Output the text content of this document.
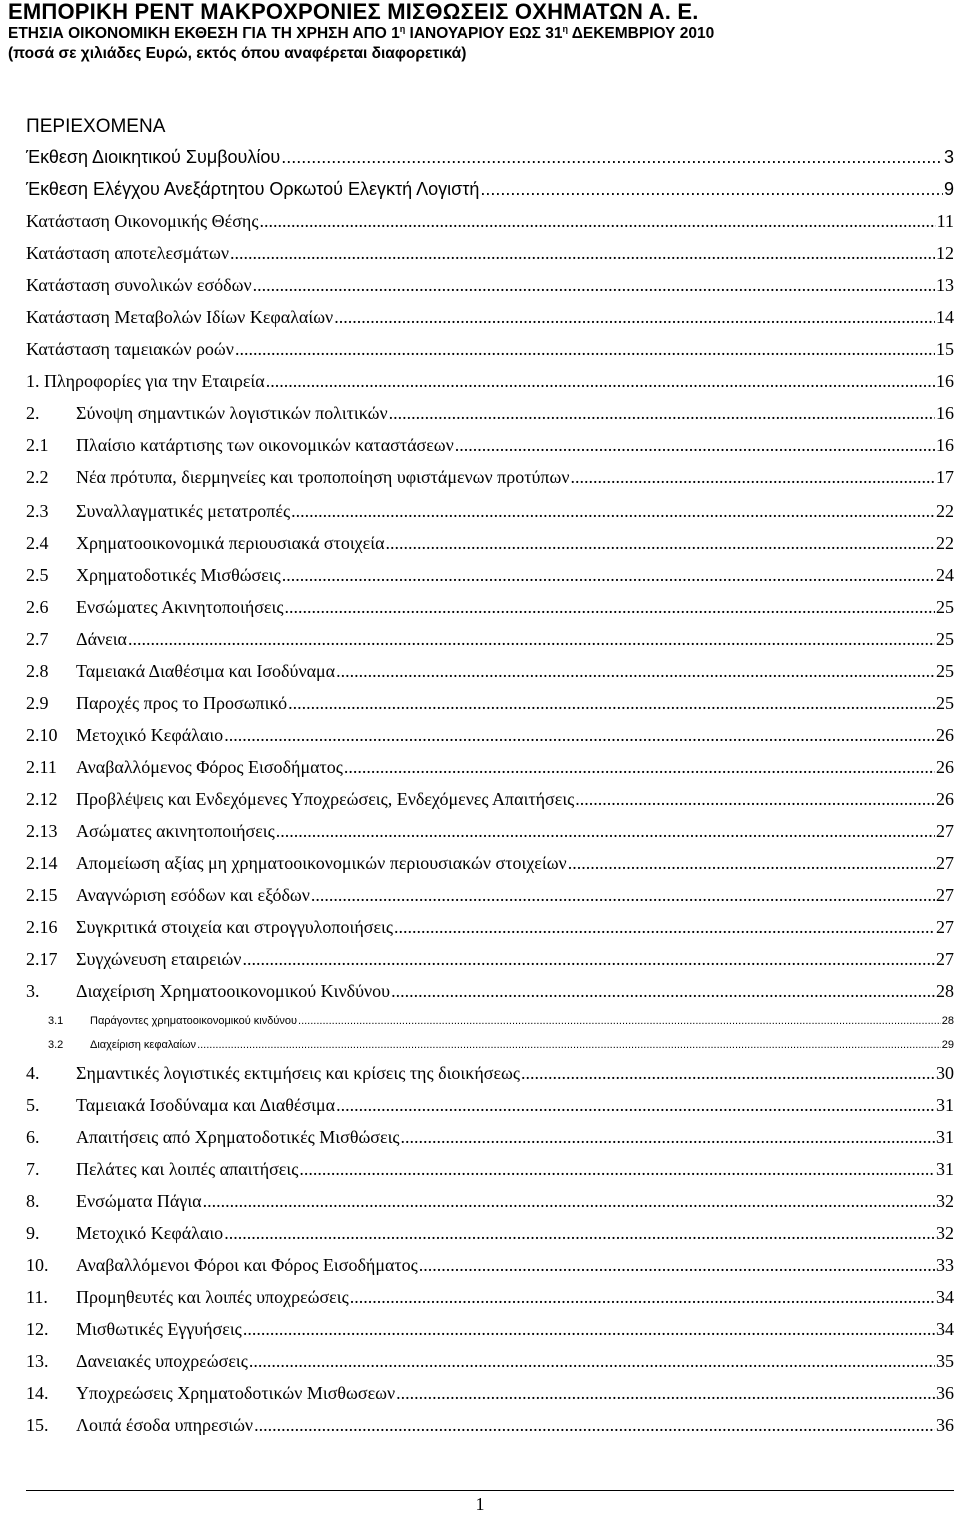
ΕΜΠΟΡΙΚΗ ΡΕΝΤ ΜΑΚΡΟΧΡΟΝΙΕΣ ΜΙΣΘΩΣΕΙΣ ΟΧΗΜΑΤΩΝ Α. Ε.
ΕΤΗΣΙΑ ΟΙΚΟΝΟΜΙΚΗ ΕΚΘΕΣΗ ΓΙΑ ΤΗ ΧΡΗΣΗ ΑΠΟ $1^\eta$ ΙΑΝΟΥΑΡΙΟΥ ΕΩΣ $31^\eta$ ΔΕΚΕΜΒΡΙΟΥ 2010
(ποσά σε χιλιάδες Ευρώ, εκτός όπου αναφέρεται διαφορετικά)
ΠΕΡΙΕΧΟΜΕΝΑ
Έκθεση Διοικητικού Συμβουλίου .....	3
Έκθεση Ελέγχου Ανεξάρτητου Ορκωτού Ελεγκτή Λογιστή .....	9
Κατάσταση Οικονομικής Θέσης .....	11
Κατάσταση αποτελεσμάτων .....	12
Κατάσταση συνολικών εσόδων .....	13
Κατάσταση Μεταβολών Ιδίων Κεφαλαίων .....	14
Κατάσταση ταμειακών ροών .....	15
1. Πληροφορίες για την Εταιρεία .....	16
2.	Σύνοψη σημαντικών λογιστικών πολιτικών .....	16
2.1	Πλαίσιο κατάρτισης των οικονομικών καταστάσεων .....	16
2.2	Νέα πρότυπα, διερμηνείες και τροποποίηση υφιστάμενων προτύπων .....	17
2.3	Συναλλαγματικές μετατροπές .....	22
2.4	Χρηματοοικονομικά περιουσιακά στοιχεία .....	22
2.5	Χρηματοδοτικές Μισθώσεις .....	24
2.6	Ενσώματες Ακινητοποιήσεις .....	25
2.7	Δάνεια .....	25
2.8	Ταμειακά Διαθέσιμα και Ισοδύναμα .....	25
2.9	Παροχές προς το Προσωπικό .....	25
2.10	Μετοχικό Κεφάλαιο .....	26
2.11	Αναβαλλόμενος Φόρος Εισοδήματος .....	26
2.12	Προβλέψεις και Ενδεχόμενες Υποχρεώσεις, Ενδεχόμενες Απαιτήσεις .....	26
2.13	Ασώματες ακινητοποιήσεις .....	27
2.14	Απομείωση αξίας μη χρηματοοικονομικών περιουσιακών στοιχείων .....	27
2.15	Αναγνώριση εσόδων και εξόδων .....	27
2.16	Συγκριτικά στοιχεία και στρογγυλοποιήσεις .....	27
2.17	Συγχώνευση εταιρειών .....	27
3.	Διαχείριση Χρηματοοικονομικού Κινδύνου .....	28
3.1	Παράγοντες χρηματοοικονομικού κινδύνου .....	28
3.2	Διαχείριση κεφαλαίων .....	29
4.	Σημαντικές λογιστικές εκτιμήσεις και κρίσεις της διοικήσεως .....	30
5.	Ταμειακά Ισοδύναμα και Διαθέσιμα .....	31
6.	Απαιτήσεις από Χρηματοδοτικές Μισθώσεις .....	31
7.	Πελάτες και λοιπές απαιτήσεις .....	31
8.	Ενσώματα Πάγια .....	32
9.	Μετοχικό Κεφάλαιο .....	32
10.	Αναβαλλόμενοι Φόροι και Φόρος Εισοδήματος .....	33
11.	Προμηθευτές και λοιπές υποχρεώσεις .....	34
12.	Μισθωτικές Εγγυήσεις .....	34
13.	Δανειακές υποχρεώσεις .....	35
14.	Υποχρεώσεις Χρηματοδοτικών Μισθωσεων .....	36
15.	Λοιπά έσοδα υπηρεσιών .....	36
1
